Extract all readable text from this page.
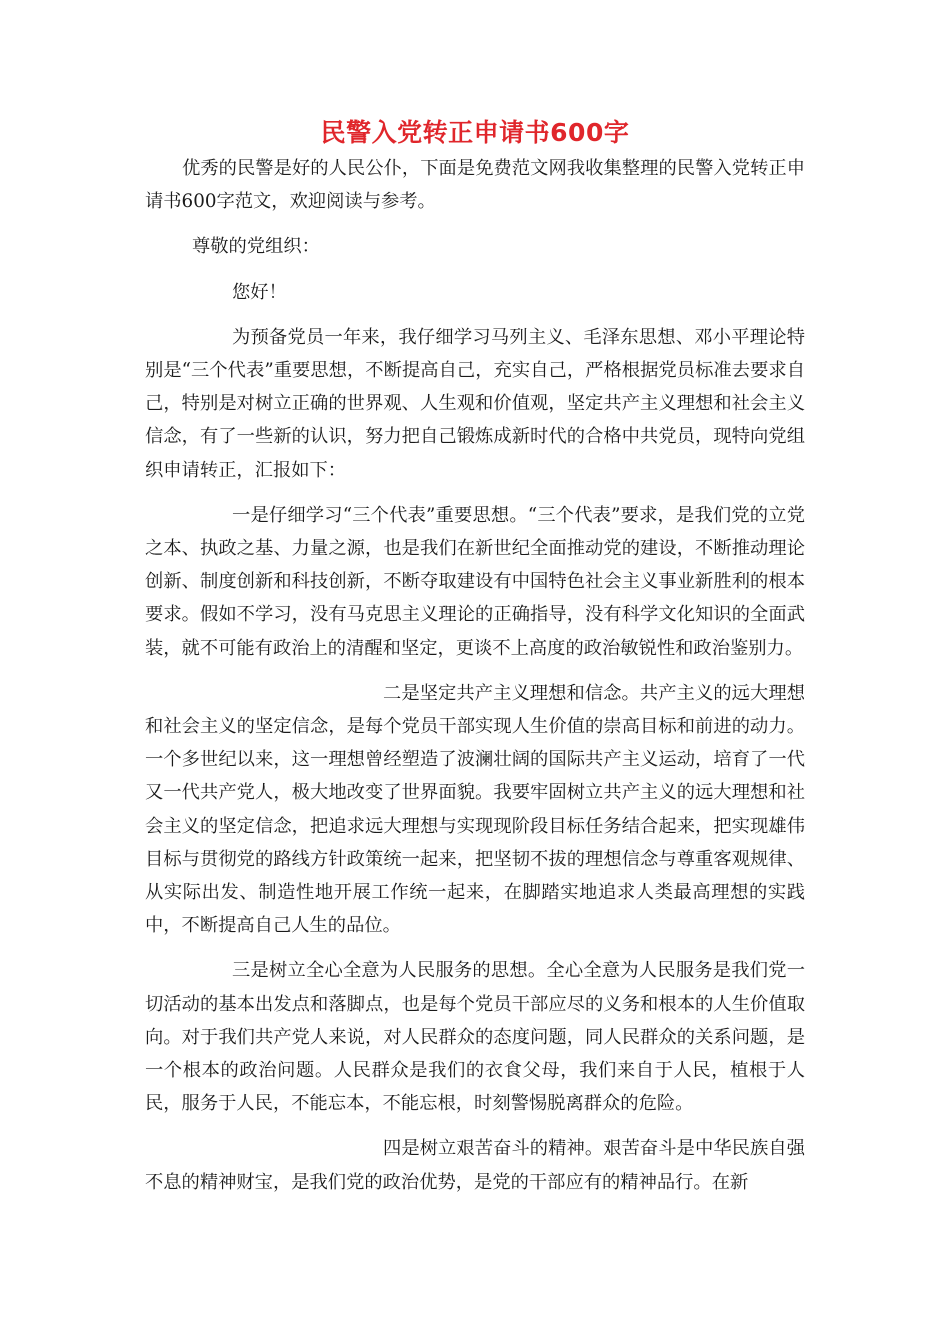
民警入党转正申请书600字

优秀的民警是好的人民公仆，下面是免费范文网我收集整理的民警入党转正申请书600字范文，欢迎阅读与参考。

尊敬的党组织：

您好！

为预备党员一年来，我仔细学习马列主义、毛泽东思想、邓小平理论特别是“三个代表”重要思想，不断提高自己，充实自己，严格根据党员标准去要求自己，特别是对树立正确的世界观、人生观和价值观，坚定共产主义理想和社会主义信念，有了一些新的认识，努力把自己锻炼成新时代的合格中共党员，现特向党组织申请转正，汇报如下：

一是仔细学习“三个代表”重要思想。“三个代表”要求，是我们党的立党之本、执政之基、力量之源，也是我们在新世纪全面推动党的建设，不断推动理论创新、制度创新和科技创新，不断夺取建设有中国特色社会主义事业新胜利的根本要求。假如不学习，没有马克思主义理论的正确指导，没有科学文化知识的全面武装，就不可能有政治上的清醒和坚定，更谈不上高度的政治敏锐性和政治鉴别力。

二是坚定共产主义理想和信念。共产主义的远大理想和社会主义的坚定信念，是每个党员干部实现人生价值的崇高目标和前进的动力。一个多世纪以来，这一理想曾经塑造了波澜壮阔的国际共产主义运动，培育了一代又一代共产党人，极大地改变了世界面貌。我要牢固树立共产主义的远大理想和社会主义的坚定信念，把追求远大理想与实现现阶段目标任务结合起来，把实现雄伟目标与贯彻党的路线方针政策统一起来，把坚韧不拔的理想信念与尊重客观规律、从实际出发、制造性地开展工作统一起来，在脚踏实地追求人类最高理想的实践中，不断提高自己人生的品位。

三是树立全心全意为人民服务的思想。全心全意为人民服务是我们党一切活动的基本出发点和落脚点，也是每个党员干部应尽的义务和根本的人生价值取向。对于我们共产党人来说，对人民群众的态度问题，同人民群众的关系问题，是一个根本的政治问题。人民群众是我们的衣食父母，我们来自于人民，植根于人民，服务于人民，不能忘本，不能忘根，时刻警惕脱离群众的危险。

四是树立艰苦奋斗的精神。艰苦奋斗是中华民族自强不息的精神财宝，是我们党的政治优势，是党的干部应有的精神品行。在新
